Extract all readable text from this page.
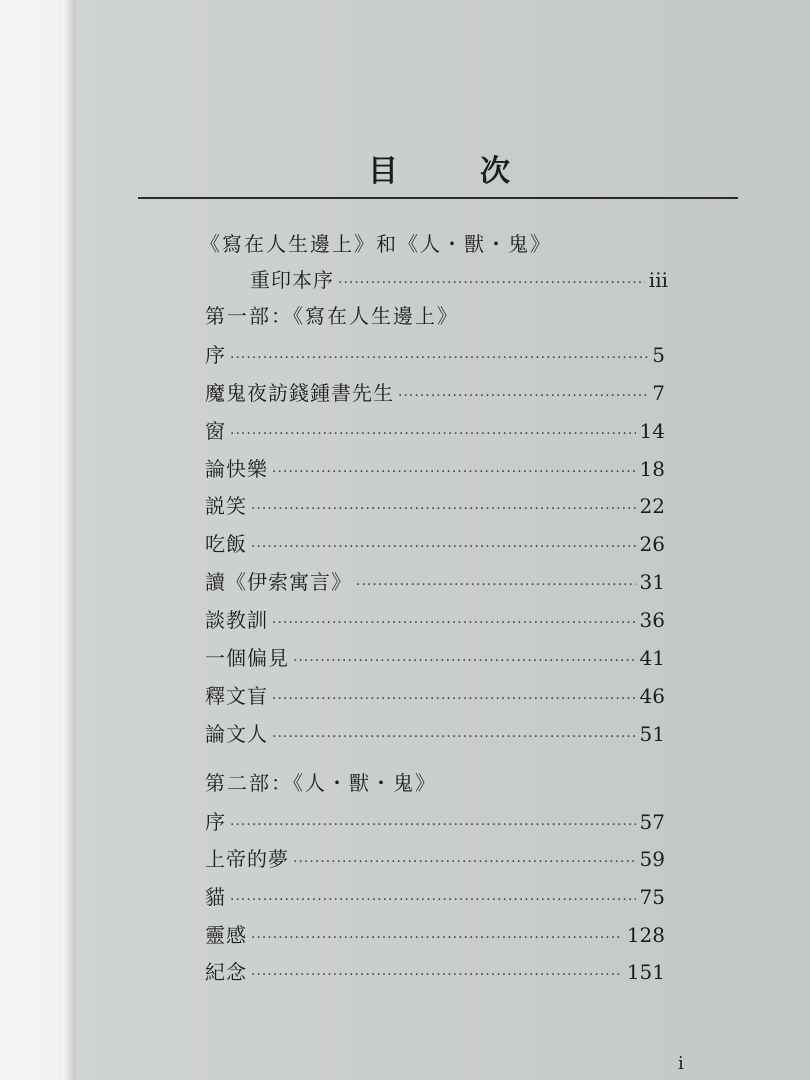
目	次
《寫在人生邊上》和《人・獸・鬼》
重印本序 ·····	iii
第一部：《寫在人生邊上》
序 ·····	5
魔鬼夜訪錢鍾書先生 ·····	7
窗 ·····	14
論快樂 ·····	18
説笑 ·····	22
吃飯 ·····	26
讀《伊索寓言》 ·····	31
談教訓 ·····	36
一個偏見 ·····	41
釋文盲 ·····	46
論文人 ·····	51
第二部：《人・獸・鬼》
序 ·····	57
上帝的夢 ·····	59
貓 ·····	75
靈感 ·····	128
紀念 ·····	151
i
